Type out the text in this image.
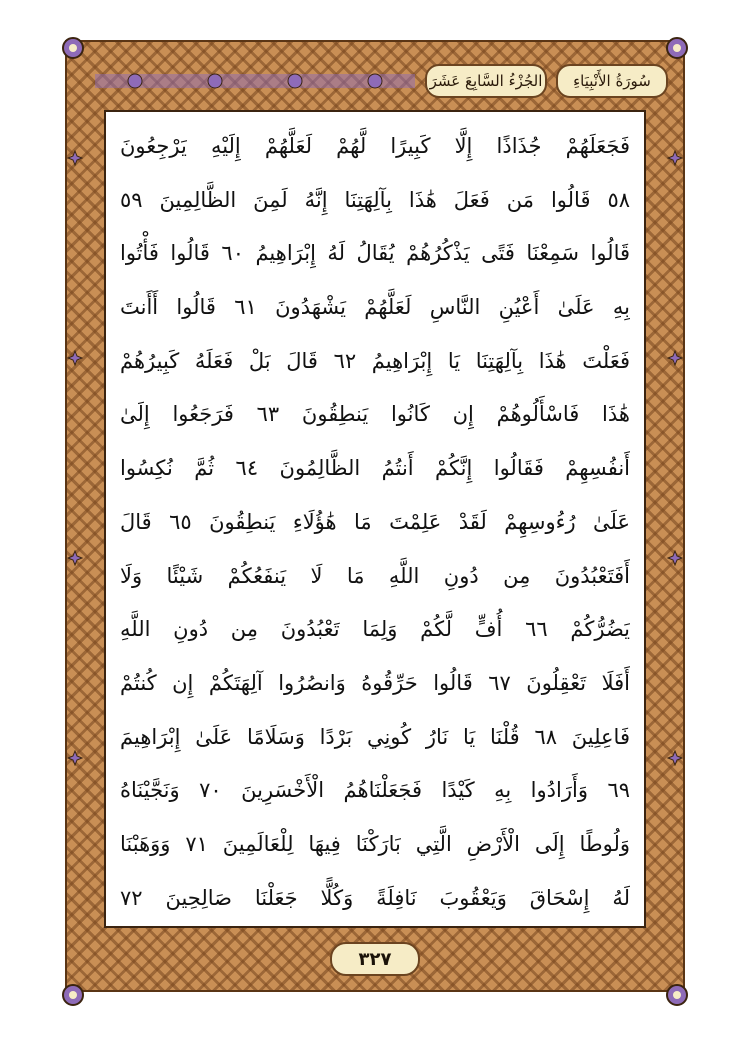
الجُزْءُ السَّابِعَ عَشَرَ	سُورَةُ الأَنْبِيَاءِ
فَجَعَلَهُمْ جُذَاذًا إِلَّا كَبِيرًا لَّهُمْ لَعَلَّهُمْ إِلَيْهِ يَرْجِعُونَ
٥٨ قَالُوا مَن فَعَلَ هَٰذَا بِآلِهَتِنَا إِنَّهُ لَمِنَ الظَّالِمِينَ ٥٩
قَالُوا سَمِعْنَا فَتًى يَذْكُرُهُمْ يُقَالُ لَهُ إِبْرَاهِيمُ ٦٠ قَالُوا فَأْتُوا
بِهِ عَلَىٰ أَعْيُنِ النَّاسِ لَعَلَّهُمْ يَشْهَدُونَ ٦١ قَالُوا أَأَنتَ
فَعَلْتَ هَٰذَا بِآلِهَتِنَا يَا إِبْرَاهِيمُ ٦٢ قَالَ بَلْ فَعَلَهُ كَبِيرُهُمْ
هَٰذَا فَاسْأَلُوهُمْ إِن كَانُوا يَنطِقُونَ ٦٣ فَرَجَعُوا إِلَىٰ
أَنفُسِهِمْ فَقَالُوا إِنَّكُمْ أَنتُمُ الظَّالِمُونَ ٦٤ ثُمَّ نُكِسُوا
عَلَىٰ رُءُوسِهِمْ لَقَدْ عَلِمْتَ مَا هَٰؤُلَاءِ يَنطِقُونَ ٦٥ قَالَ
أَفَتَعْبُدُونَ مِن دُونِ اللَّهِ مَا لَا يَنفَعُكُمْ شَيْئًا وَلَا
يَضُرُّكُمْ ٦٦ أُفٍّ لَّكُمْ وَلِمَا تَعْبُدُونَ مِن دُونِ اللَّهِ
أَفَلَا تَعْقِلُونَ ٦٧ قَالُوا حَرِّقُوهُ وَانصُرُوا آلِهَتَكُمْ إِن كُنتُمْ
فَاعِلِينَ ٦٨ قُلْنَا يَا نَارُ كُونِي بَرْدًا وَسَلَامًا عَلَىٰ إِبْرَاهِيمَ
٦٩ وَأَرَادُوا بِهِ كَيْدًا فَجَعَلْنَاهُمُ الْأَخْسَرِينَ ٧٠ وَنَجَّيْنَاهُ
وَلُوطًا إِلَى الْأَرْضِ الَّتِي بَارَكْنَا فِيهَا لِلْعَالَمِينَ ٧١ وَوَهَبْنَا
لَهُ إِسْحَاقَ وَيَعْقُوبَ نَافِلَةً وَكُلًّا جَعَلْنَا صَالِحِينَ ٧٢
٣٢٧
